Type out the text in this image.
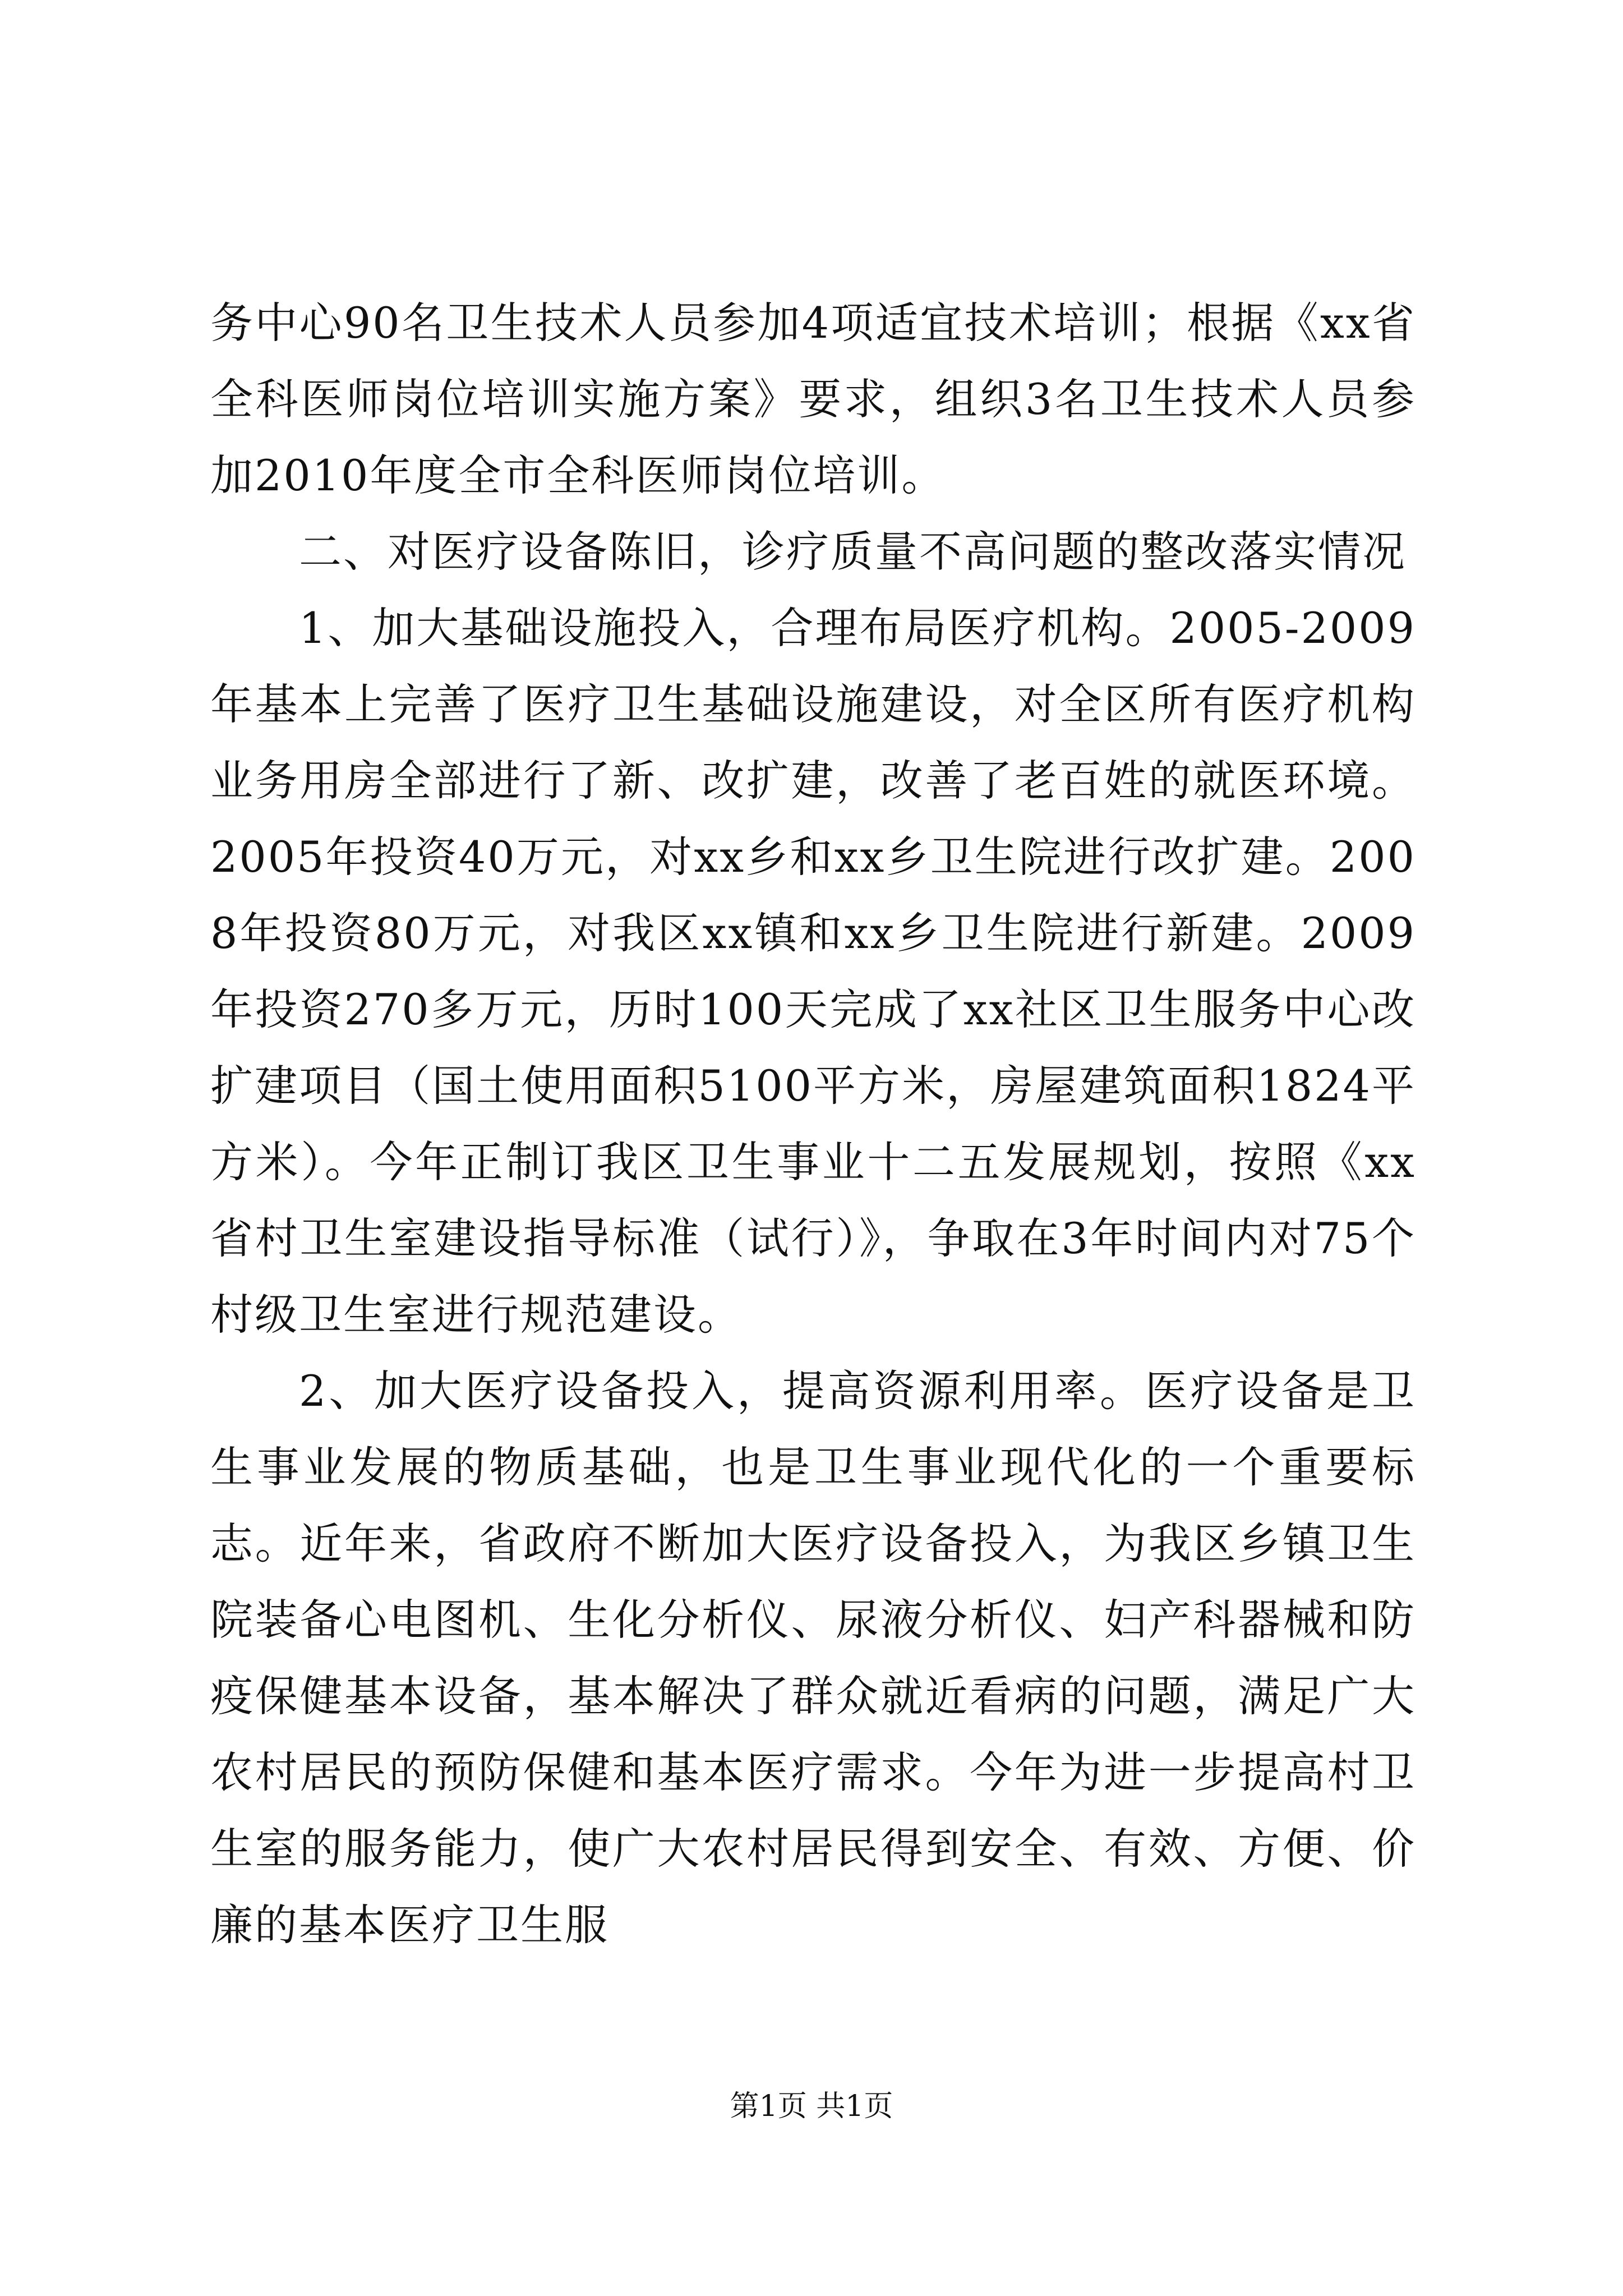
务中心90名卫生技术人员参加4项适宜技术培训；根据《xx省全科医师岗位培训实施方案》要求，组织3名卫生技术人员参加2010年度全市全科医师岗位培训。

二、对医疗设备陈旧，诊疗质量不高问题的整改落实情况

1、加大基础设施投入，合理布局医疗机构。2005-2009年基本上完善了医疗卫生基础设施建设，对全区所有医疗机构业务用房全部进行了新、改扩建，改善了老百姓的就医环境。2005年投资40万元，对xx乡和xx乡卫生院进行改扩建。2008年投资80万元，对我区xx镇和xx乡卫生院进行新建。2009年投资270多万元，历时100天完成了xx社区卫生服务中心改扩建项目（国土使用面积5100平方米，房屋建筑面积1824平方米）。今年正制订我区卫生事业十二五发展规划，按照《xx省村卫生室建设指导标准（试行）》，争取在3年时间内对75个村级卫生室进行规范建设。

2、加大医疗设备投入，提高资源利用率。医疗设备是卫生事业发展的物质基础，也是卫生事业现代化的一个重要标志。近年来，省政府不断加大医疗设备投入，为我区乡镇卫生院装备心电图机、生化分析仪、尿液分析仪、妇产科器械和防疫保健基本设备，基本解决了群众就近看病的问题，满足广大农村居民的预防保健和基本医疗需求。今年为进一步提高村卫生室的服务能力，使广大农村居民得到安全、有效、方便、价廉的基本医疗卫生服

第1页 共1页
